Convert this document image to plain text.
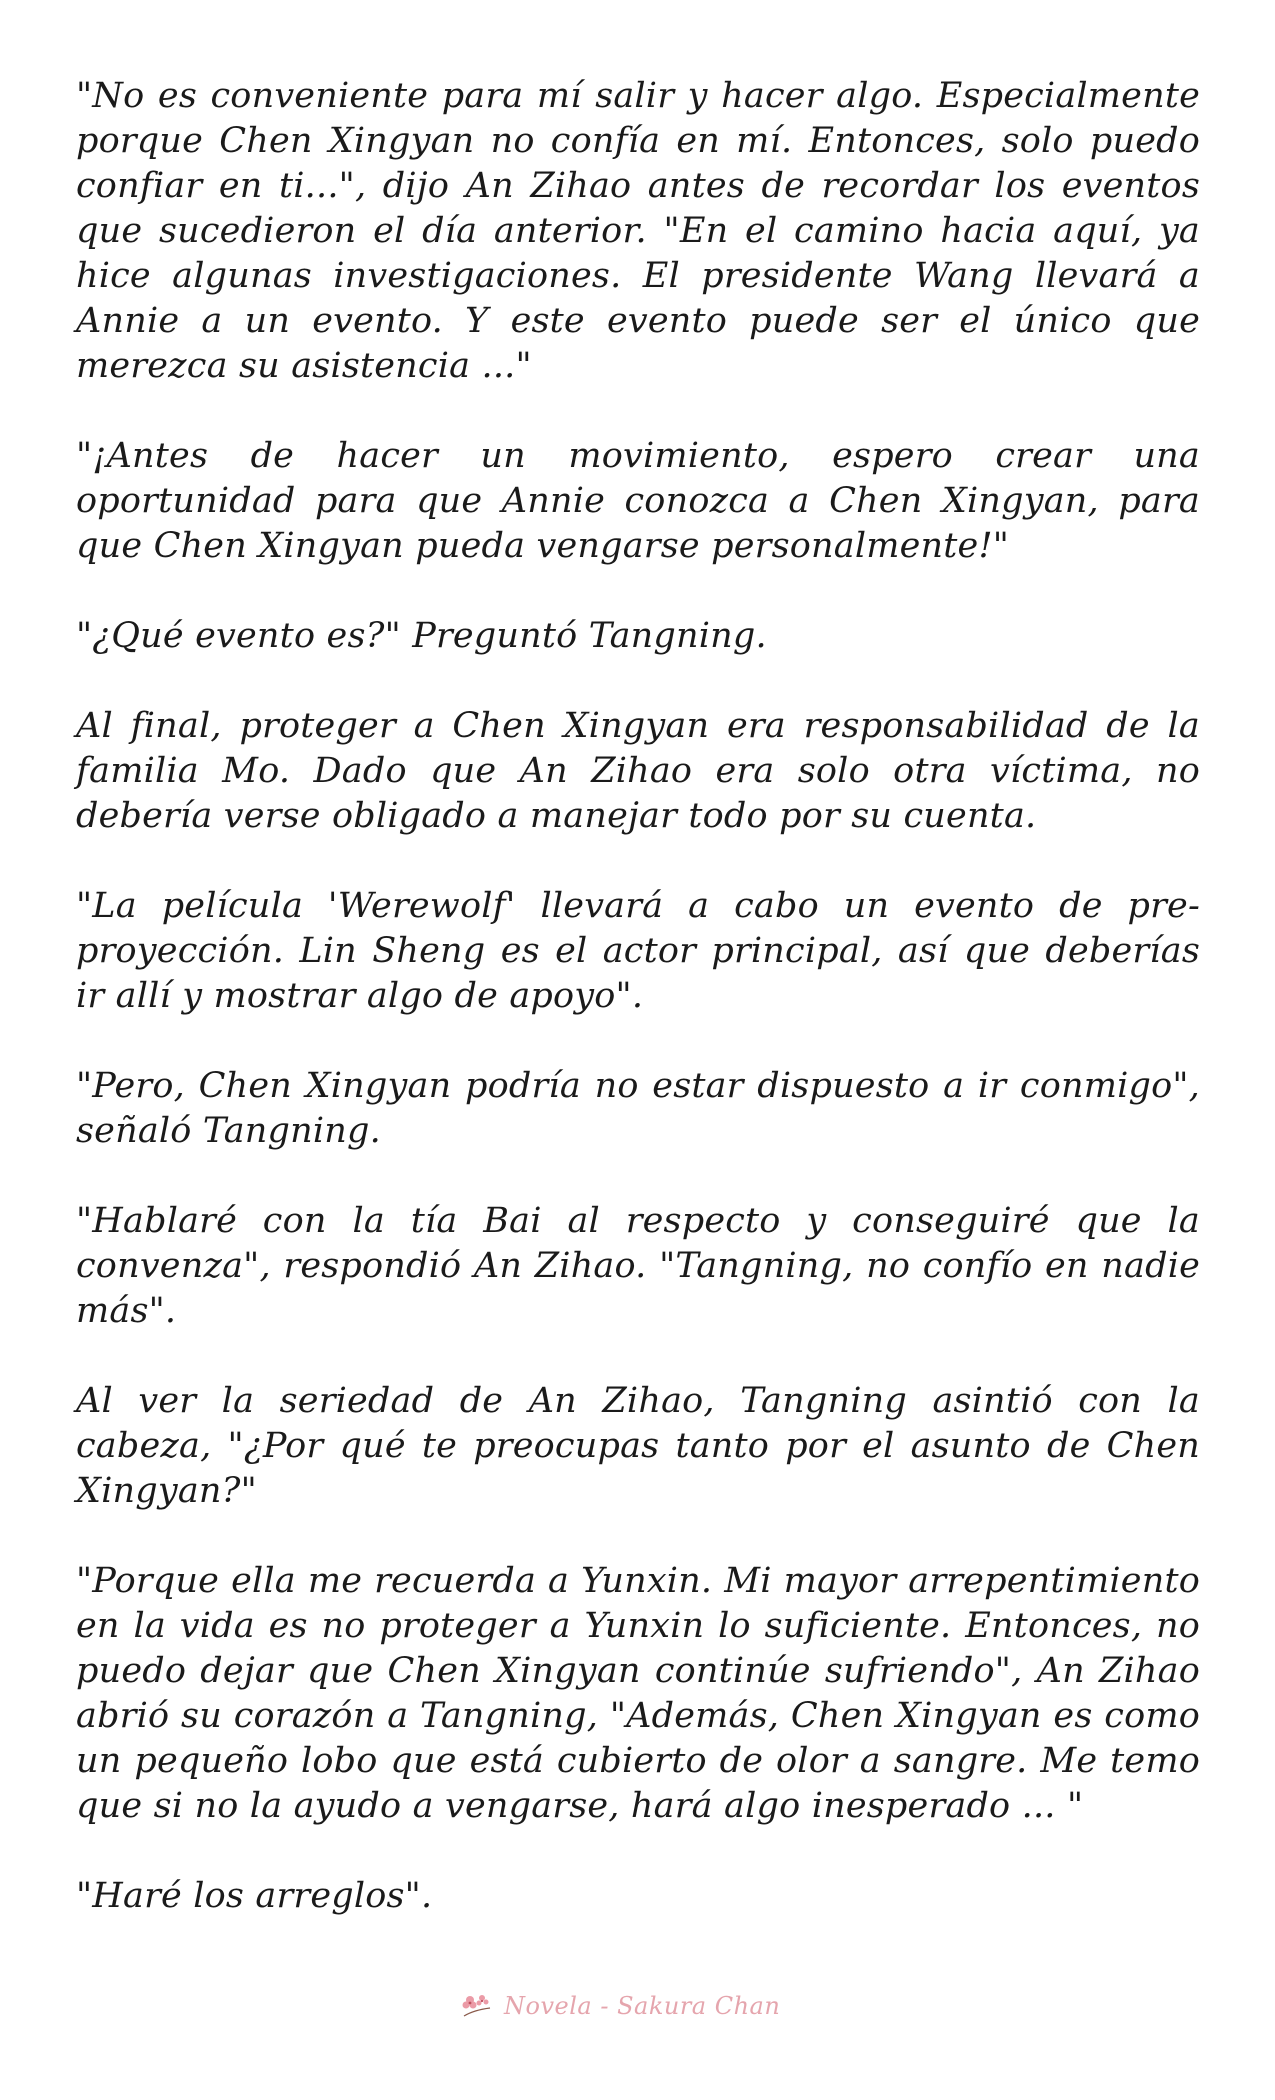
"No es conveniente para mí salir y hacer algo. Especialmente porque Chen Xingyan no confía en mí. Entonces, solo puedo confiar en ti...", dijo An Zihao antes de recordar los eventos que sucedieron el día anterior. "En el camino hacia aquí, ya hice algunas investigaciones. El presidente Wang llevará a Annie a un evento. Y este evento puede ser el único que merezca su asistencia ..."

"¡Antes de hacer un movimiento, espero crear una oportunidad para que Annie conozca a Chen Xingyan, para que Chen Xingyan pueda vengarse personalmente!"

"¿Qué evento es?" Preguntó Tangning.

Al final, proteger a Chen Xingyan era responsabilidad de la familia Mo. Dado que An Zihao era solo otra víctima, no debería verse obligado a manejar todo por su cuenta.

"La película 'Werewolf' llevará a cabo un evento de pre-proyección. Lin Sheng es el actor principal, así que deberías ir allí y mostrar algo de apoyo".

"Pero, Chen Xingyan podría no estar dispuesto a ir conmigo", señaló Tangning.

"Hablaré con la tía Bai al respecto y conseguiré que la convenza", respondió An Zihao. "Tangning, no confío en nadie más".

Al ver la seriedad de An Zihao, Tangning asintió con la cabeza, "¿Por qué te preocupas tanto por el asunto de Chen Xingyan?"

"Porque ella me recuerda a Yunxin. Mi mayor arrepentimiento en la vida es no proteger a Yunxin lo suficiente. Entonces, no puedo dejar que Chen Xingyan continúe sufriendo", An Zihao abrió su corazón a Tangning, "Además, Chen Xingyan es como un pequeño lobo que está cubierto de olor a sangre. Me temo que si no la ayudo a vengarse, hará algo inesperado ... "

"Haré los arreglos".

Novela - Sakura Chan
